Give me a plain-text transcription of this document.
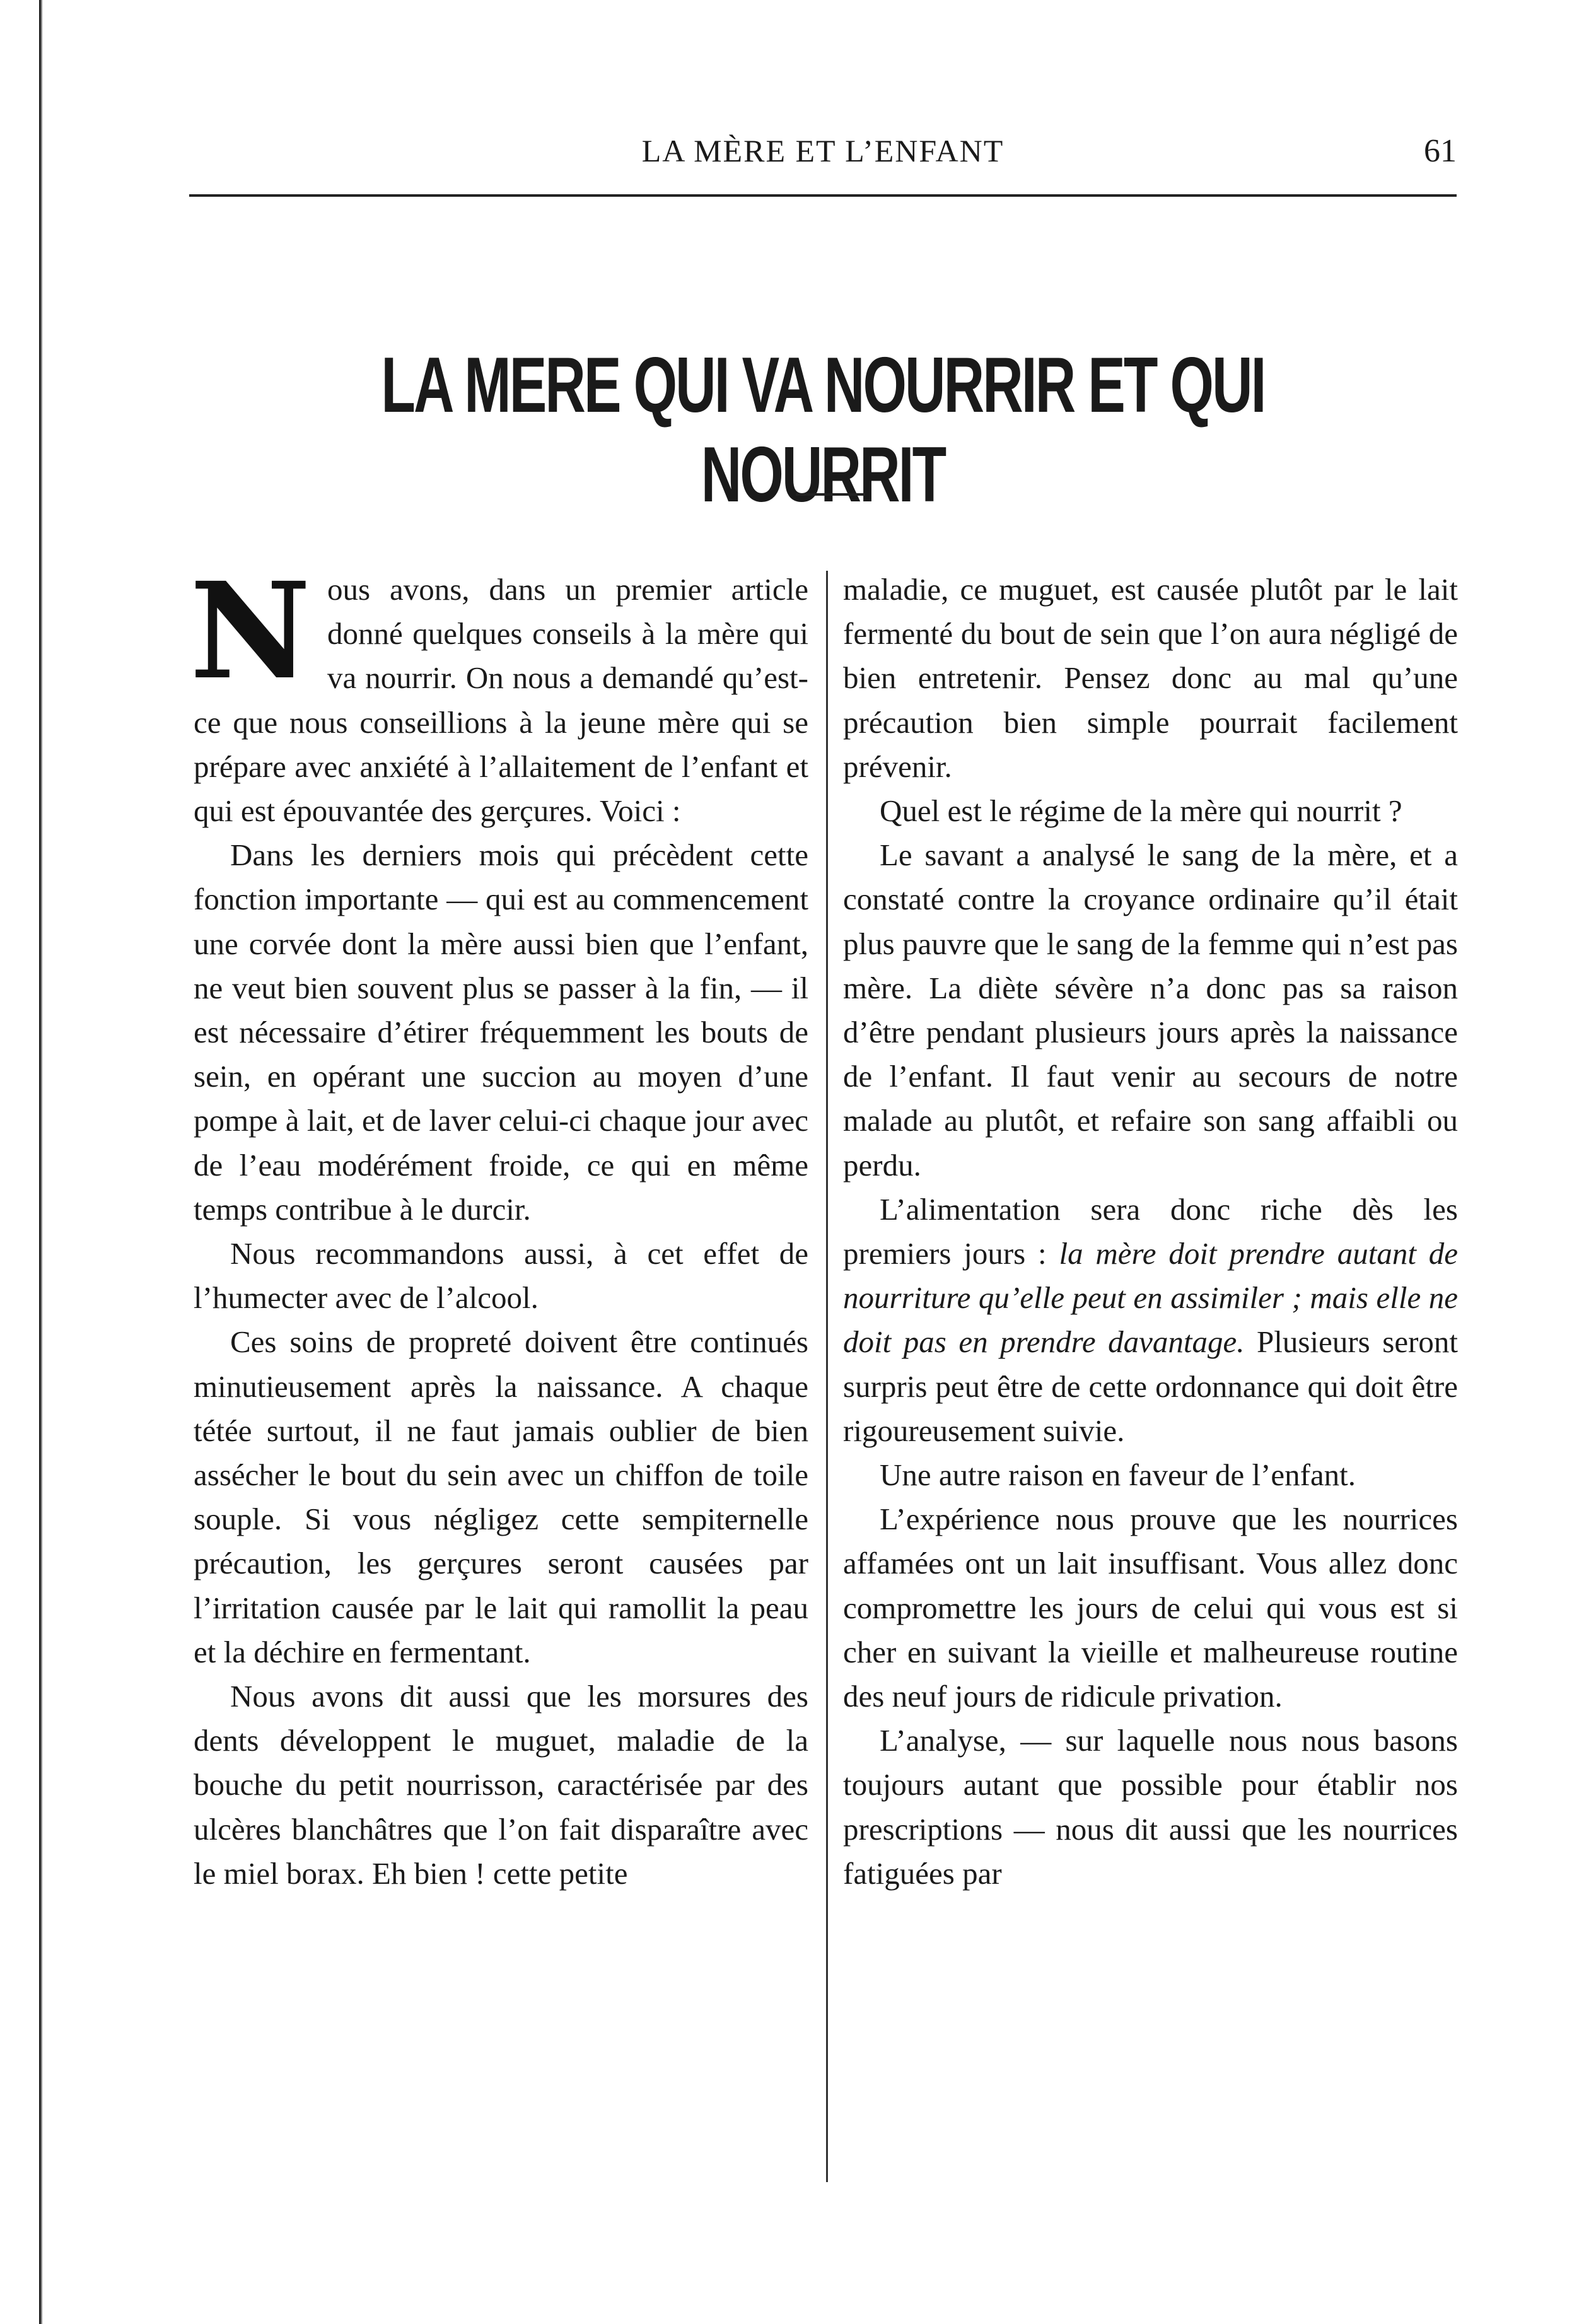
LA MÈRE ET L’ENFANT	61
LA MERE QUI VA NOURRIR ET QUI NOURRIT

Nous avons, dans un premier article donné quelques conseils à la mère qui va nourrir. On nous a demandé qu’est-ce que nous conseillions à la jeune mère qui se prépare avec anxiété à l’allaitement de l’enfant et qui est épouvantée des gerçures. Voici :

Dans les derniers mois qui précèdent cette fonction importante — qui est au commencement une corvée dont la mère aussi bien que l’enfant, ne veut bien souvent plus se passer à la fin, — il est nécessaire d’étirer fréquemment les bouts de sein, en opérant une succion au moyen d’une pompe à lait, et de laver celui-ci chaque jour avec de l’eau modérément froide, ce qui en même temps contribue à le durcir.

Nous recommandons aussi, à cet effet de l’humecter avec de l’alcool.

Ces soins de propreté doivent être continués minutieusement après la naissance. A chaque tétée surtout, il ne faut jamais oublier de bien assécher le bout du sein avec un chiffon de toile souple. Si vous négligez cette sempiternelle précaution, les gerçures seront causées par l’irritation causée par le lait qui ramollit la peau et la déchire en fermentant.

Nous avons dit aussi que les morsures des dents développent le muguet, maladie de la bouche du petit nourrisson, caractérisée par des ulcères blanchâtres que l’on fait disparaître avec le miel borax. Eh bien ! cette petite

maladie, ce muguet, est causée plutôt par le lait fermenté du bout de sein que l’on aura négligé de bien entretenir. Pensez donc au mal qu’une précaution bien simple pourrait facilement prévenir.

Quel est le régime de la mère qui nourrit ?

Le savant a analysé le sang de la mère, et a constaté contre la croyance ordinaire qu’il était plus pauvre que le sang de la femme qui n’est pas mère. La diète sévère n’a donc pas sa raison d’être pendant plusieurs jours après la naissance de l’enfant. Il faut venir au secours de notre malade au plutôt, et refaire son sang affaibli ou perdu.

L’alimentation sera donc riche dès les premiers jours : la mère doit prendre autant de nourriture qu’elle peut en assimiler ; mais elle ne doit pas en prendre davantage. Plusieurs seront surpris peut être de cette ordonnance qui doit être rigoureusement suivie.

Une autre raison en faveur de l’enfant.

L’expérience nous prouve que les nourrices affamées ont un lait insuffisant. Vous allez donc compromettre les jours de celui qui vous est si cher en suivant la vieille et malheureuse routine des neuf jours de ridicule privation.

L’analyse, — sur laquelle nous nous basons toujours autant que possible pour établir nos prescriptions — nous dit aussi que les nourrices fatiguées par
